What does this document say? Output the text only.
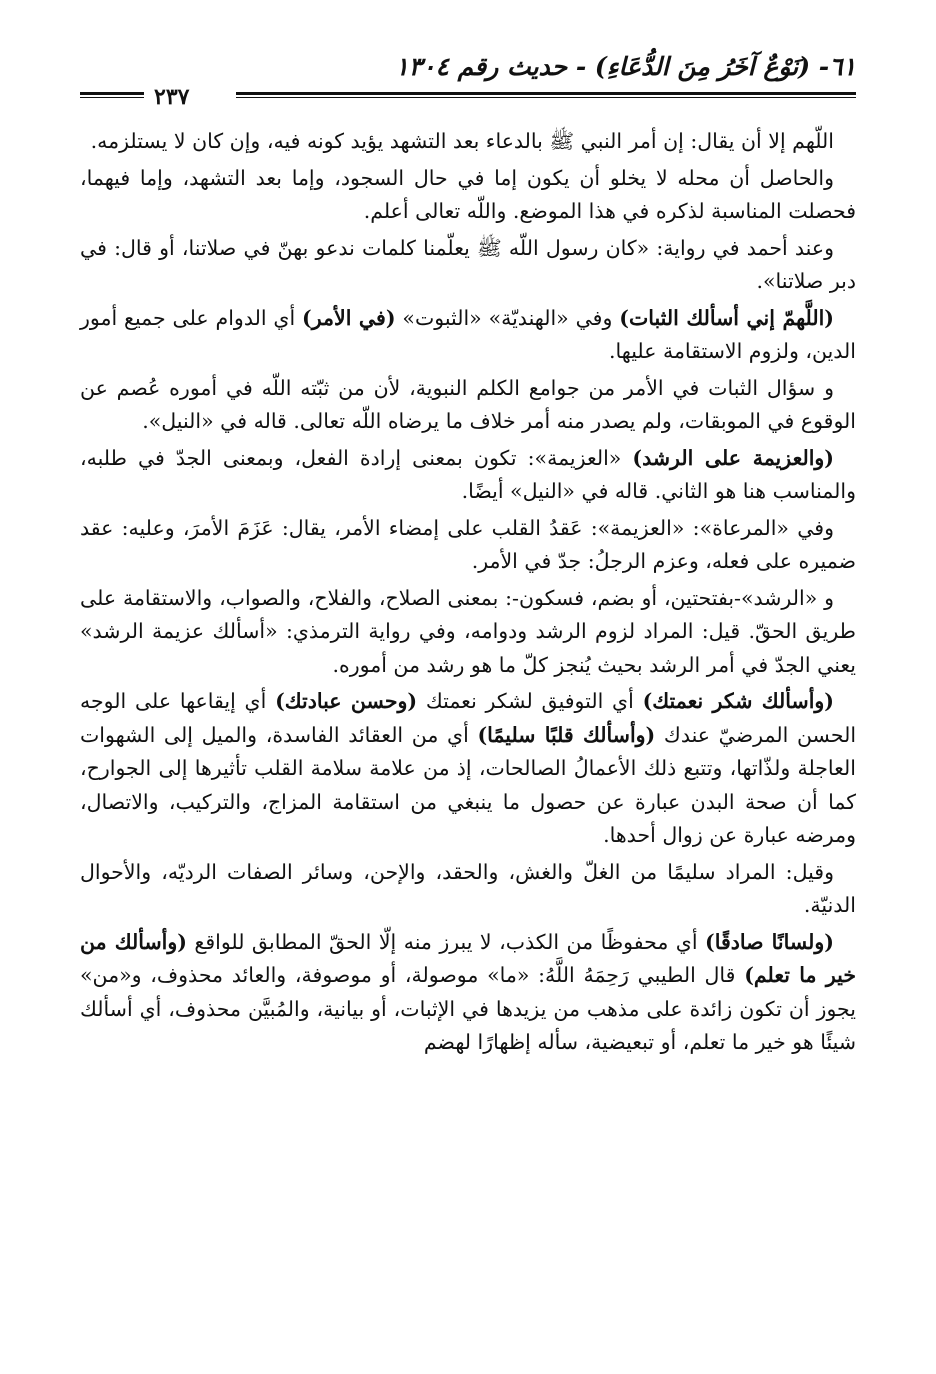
٦١- (نَوْعٌ آخَرُ مِنَ الدُّعَاءِ) - حديث رقم ١٣٠٤
٢٣٧

اللّهم إلا أن يقال: إن أمر النبي ﷺ بالدعاء بعد التشهد يؤيد كونه فيه، وإن كان لا يستلزمه.

والحاصل أن محله لا يخلو أن يكون إما في حال السجود، وإما بعد التشهد، وإما فيهما، فحصلت المناسبة لذكره في هذا الموضع. واللّه تعالى أعلم.

وعند أحمد في رواية: «كان رسول اللّه ﷺ يعلّمنا كلمات ندعو بهنّ في صلاتنا، أو قال: في دبر صلاتنا».

(اللَّهمّ إني أسألك الثبات) وفي «الهنديّة» «الثبوت» (في الأمر) أي الدوام على جميع أمور الدين، ولزوم الاستقامة عليها.

و سؤال الثبات في الأمر من جوامع الكلم النبوية، لأن من ثبّته اللّه في أموره عُصم عن الوقوع في الموبقات، ولم يصدر منه أمر خلاف ما يرضاه اللّه تعالى. قاله في «النيل».

(والعزيمة على الرشد) «العزيمة»: تكون بمعنى إرادة الفعل، وبمعنى الجدّ في طلبه، والمناسب هنا هو الثاني. قاله في «النيل» أيضًا.

وفي «المرعاة»: «العزيمة»: عَقدُ القلب على إمضاء الأمر، يقال: عَزَمَ الأمرَ، وعليه: عقد ضميره على فعله، وعزم الرجلُ: جدّ في الأمر.

و «الرشد»-بفتحتين، أو بضم، فسكون-: بمعنى الصلاح، والفلاح، والصواب، والاستقامة على طريق الحقّ. قيل: المراد لزوم الرشد ودوامه، وفي رواية الترمذي: «أسألك عزيمة الرشد» يعني الجدّ في أمر الرشد بحيث يُنجز كلّ ما هو رشد من أموره.

(وأسألك شكر نعمتك) أي التوفيق لشكر نعمتك (وحسن عبادتك) أي إيقاعها على الوجه الحسن المرضيّ عندك (وأسألك قلبًا سليمًا) أي من العقائد الفاسدة، والميل إلى الشهوات العاجلة ولذّاتها، وتتبع ذلك الأعمالُ الصالحات، إذ من علامة سلامة القلب تأثيرها إلى الجوارح، كما أن صحة البدن عبارة عن حصول ما ينبغي من استقامة المزاج، والتركيب، والاتصال، ومرضه عبارة عن زوال أحدها.

وقيل: المراد سليمًا من الغلّ والغش، والحقد، والإحن، وسائر الصفات الرديّه، والأحوال الدنيّة.

(ولسانًا صادقًا) أي محفوظًا من الكذب، لا يبرز منه إلّا الحقّ المطابق للواقع (وأسألك من خير ما تعلم) قال الطيبي رَحِمَهُ اللَّهُ: «ما» موصولة، أو موصوفة، والعائد محذوف، و«من» يجوز أن تكون زائدة على مذهب من يزيدها في الإثبات، أو بيانية، والمُبيَّن محذوف، أي أسألك شيئًا هو خير ما تعلم، أو تبعيضية، سأله إظهارًا لهضم
